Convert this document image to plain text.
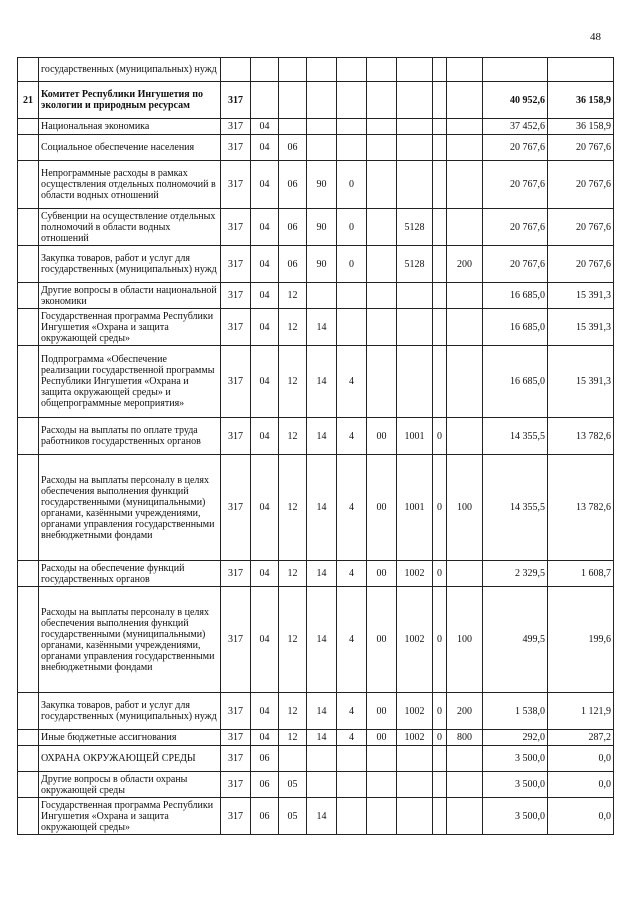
48
	государственных (муниципальных) нужд											
21	Комитет Республики Ингушетия по экологии и природным ресурсам	317									40 952,6	36 158,9
	Национальная экономика	317	04								37 452,6	36 158,9
	Социальное обеспечение населения	317	04	06							20 767,6	20 767,6
	Непрограммные расходы в рамках осуществления отдельных полномочий в области водных отношений	317	04	06	90	0					20 767,6	20 767,6
	Субвенции на осуществление отдельных полномочий в области водных отношений	317	04	06	90	0		5128			20 767,6	20 767,6
	Закупка товаров, работ и услуг для государственных (муниципальных) нужд	317	04	06	90	0		5128		200	20 767,6	20 767,6
	Другие вопросы в области национальной экономики	317	04	12							16 685,0	15 391,3
	Государственная программа Республики Ингушетия «Охрана и защита окружающей среды»	317	04	12	14						16 685,0	15 391,3
	Подпрограмма «Обеспечение реализации государственной программы Республики Ингушетия «Охрана и защита окружающей среды» и общепрограммные мероприятия»	317	04	12	14	4					16 685,0	15 391,3
	Расходы на выплаты по оплате труда работников государственных органов	317	04	12	14	4	00	1001	0		14 355,5	13 782,6
	Расходы на выплаты персоналу в целях обеспечения выполнения функций государственными (муниципальными) органами, казёнными учреждениями, органами управления государственными внебюджетными фондами	317	04	12	14	4	00	1001	0	100	14 355,5	13 782,6
	Расходы на обеспечение функций государственных органов	317	04	12	14	4	00	1002	0		2 329,5	1 608,7
	Расходы на выплаты персоналу в целях обеспечения выполнения функций государственными (муниципальными) органами, казёнными учреждениями, органами управления государственными внебюджетными фондами	317	04	12	14	4	00	1002	0	100	499,5	199,6
	Закупка товаров, работ и услуг для государственных (муниципальных) нужд	317	04	12	14	4	00	1002	0	200	1 538,0	1 121,9
	Иные бюджетные ассигнования	317	04	12	14	4	00	1002	0	800	292,0	287,2
	ОХРАНА ОКРУЖАЮЩЕЙ СРЕДЫ	317	06								3 500,0	0,0
	Другие вопросы в области охраны окружающей среды	317	06	05							3 500,0	0,0
	Государственная программа Республики Ингушетия «Охрана и защита окружающей среды»	317	06	05	14						3 500,0	0,0
